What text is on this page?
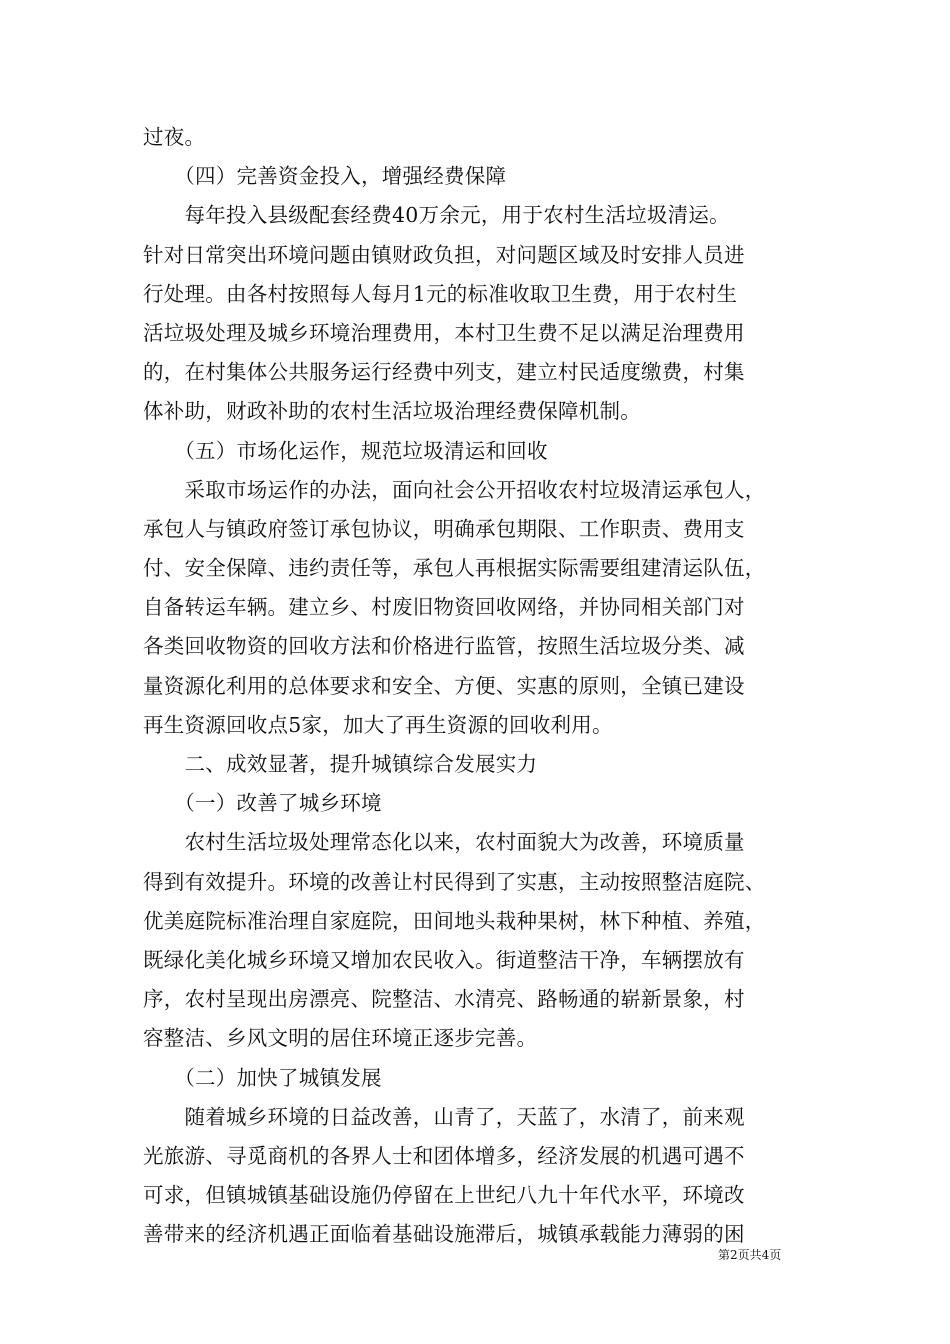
过夜。
　　（四）完善资金投入，增强经费保障
　　每年投入县级配套经费40万余元，用于农村生活垃圾清运。
针对日常突出环境问题由镇财政负担，对问题区域及时安排人员进
行处理。由各村按照每人每月1元的标准收取卫生费，用于农村生
活垃圾处理及城乡环境治理费用，本村卫生费不足以满足治理费用
的，在村集体公共服务运行经费中列支，建立村民适度缴费，村集
体补助，财政补助的农村生活垃圾治理经费保障机制。
　　（五）市场化运作，规范垃圾清运和回收
　　采取市场运作的办法，面向社会公开招收农村垃圾清运承包人，
承包人与镇政府签订承包协议，明确承包期限、工作职责、费用支
付、安全保障、违约责任等，承包人再根据实际需要组建清运队伍，
自备转运车辆。建立乡、村废旧物资回收网络，并协同相关部门对
各类回收物资的回收方法和价格进行监管，按照生活垃圾分类、减
量资源化利用的总体要求和安全、方便、实惠的原则，全镇已建设
再生资源回收点5家，加大了再生资源的回收利用。
　　二、成效显著，提升城镇综合发展实力
　　（一）改善了城乡环境
　　农村生活垃圾处理常态化以来，农村面貌大为改善，环境质量
得到有效提升。环境的改善让村民得到了实惠，主动按照整洁庭院、
优美庭院标准治理自家庭院，田间地头栽种果树，林下种植、养殖，
既绿化美化城乡环境又增加农民收入。街道整洁干净，车辆摆放有
序，农村呈现出房漂亮、院整洁、水清亮、路畅通的崭新景象，村
容整洁、乡风文明的居住环境正逐步完善。
　　（二）加快了城镇发展
　　随着城乡环境的日益改善，山青了，天蓝了，水清了，前来观
光旅游、寻觅商机的各界人士和团体增多，经济发展的机遇可遇不
可求，但镇城镇基础设施仍停留在上世纪八九十年代水平，环境改
善带来的经济机遇正面临着基础设施滞后，城镇承载能力薄弱的困
第2页共4页
